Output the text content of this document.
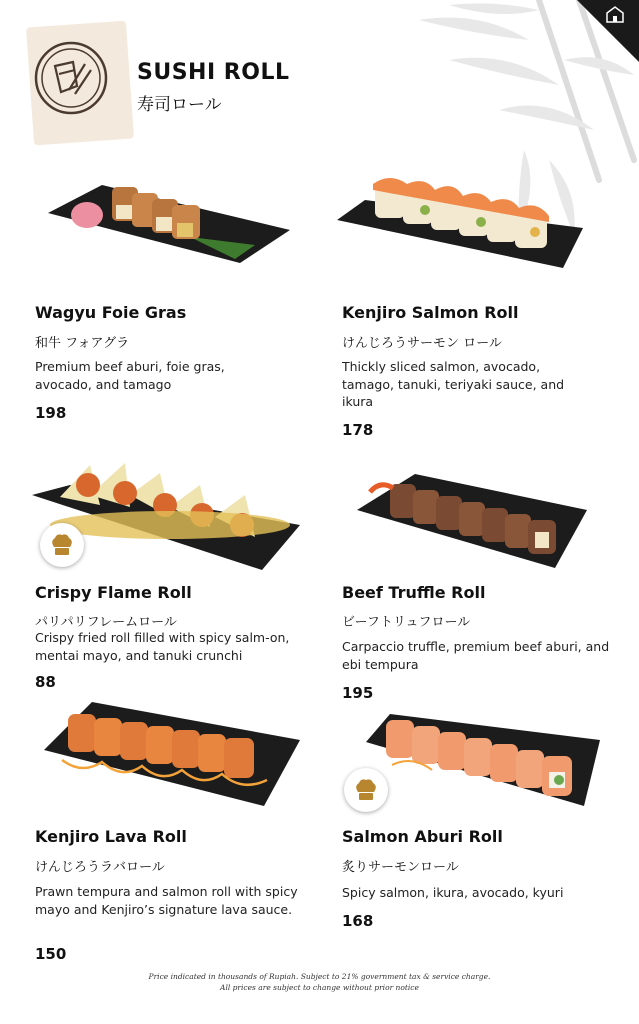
SUSHI ROLL
寿司ロール
Wagyu Foie Gras
和牛 フォアグラ
Premium beef aburi, foie gras, avocado, and tamago
198
Kenjiro Salmon Roll
けんじろうサーモン ロール
Thickly sliced salmon, avocado, tamago, tanuki, teriyaki sauce, and ikura
178
Crispy Flame Roll
パリパリフレームロール
Crispy fried roll filled with spicy salm-on, mentai mayo, and tanuki crunchi
88
Beef Truffle Roll
ビーフトリュフロール
Carpaccio truffle, premium beef aburi, and ebi tempura
195
Kenjiro Lava Roll
けんじろうラバロール
Prawn tempura and salmon roll with spicy mayo and Kenjiro’s signature lava sauce.
150
Salmon Aburi Roll
炙りサーモンロール
Spicy salmon, ikura, avocado, kyuri
168
Price indicated in thousands of Rupiah. Subject to 21% government tax & service charge.
All prices are subject to change without prior notice
